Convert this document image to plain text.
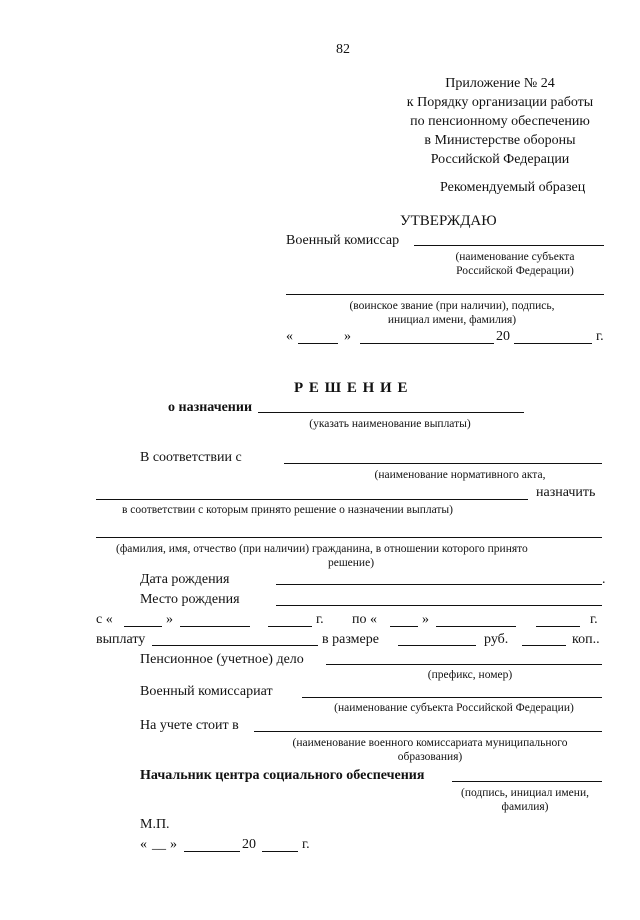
82
Приложение № 24
к Порядку организации работы
по пенсионному обеспечению
в Министерстве обороны
Российской Федерации
Рекомендуемый образец
УТВЕРЖДАЮ
Военный комиссар
(наименование субъекта
Российской Федерации)
(воинское звание (при наличии), подпись,
инициал имени, фамилия)
«	»	20	г.
Р Е Ш Е Н И Е
о назначении
(указать наименование выплаты)
В соответствии с
(наименование нормативного акта,
назначить
в соответствии с которым принято решение о назначении выплаты)
(фамилия, имя, отчество (при наличии) гражданина, в отношении которого принято
решение)
Дата рождения	.
Место рождения
с «	»	г. по «	»	г.
выплату	в размере	руб.	коп..
Пенсионное (учетное) дело
(префикс, номер)
Военный комиссариат
(наименование субъекта Российской Федерации)
На учете стоит в
(наименование военного комиссариата муниципального
образования)
Начальник центра социального обеспечения
(подпись, инициал имени,
фамилия)
М.П.
« __ »	20	г.
